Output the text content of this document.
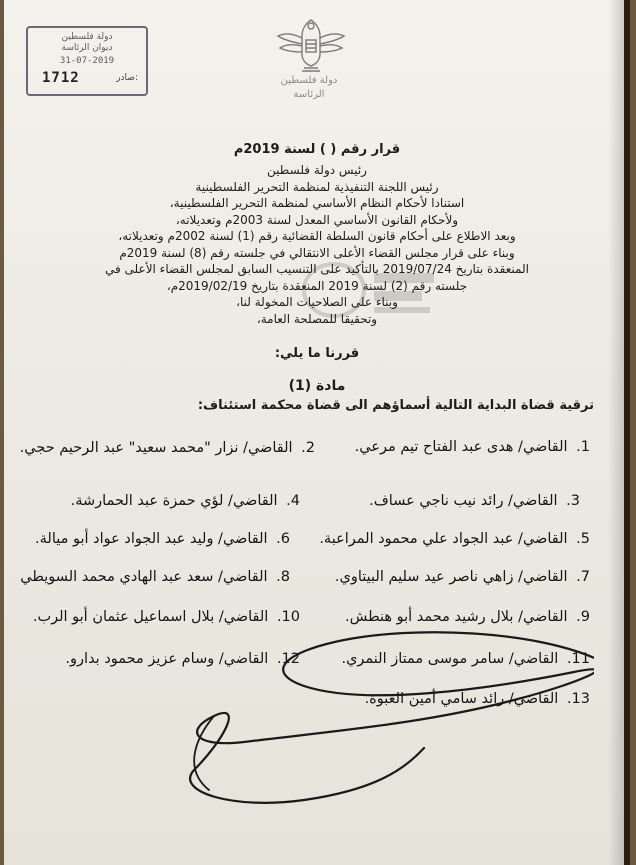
دولة فلسطين
ديوان الرئاسة
31-07-2019
1712	صادر:	دولة فلسطين
الرئاسة
قرار رقم ( ) لسنة 2019م
رئيس دولة فلسطين
رئيس اللجنة التنفيذية لمنظمة التحرير الفلسطينية
استنادا لأحكام النظام الأساسي لمنظمة التحرير الفلسطينية،
ولأحكام القانون الأساسي المعدل لسنة 2003م وتعديلاته،
وبعد الاطلاع على أحكام قانون السلطة القضائية رقم (1) لسنة 2002م وتعديلاته،
وبناء على قرار مجلس القضاء الأعلى الانتقالي في جلسته رقم (8) لسنة 2019م
المنعقدة بتاريخ 2019/07/24 بالتأكيد على التنسيب السابق لمجلس القضاء الأعلى في
جلسته رقم (2) لسنة 2019 المنعقدة بتاريخ 2019/02/19م،
وبناء على الصلاحيات المخولة لنا،
وتحقيقا للمصلحة العامة،
قررنا ما يلي:
مادة (1)
ترقية قضاة البداية التالية أسماؤهم الى قضاة محكمة استئناف:
1. القاضي/ هدى عبد الفتاح تيم مرعي.
2. القاضي/ نزار "محمد سعيد" عبد الرحيم حجي.
3. القاضي/ رائد نيب ناجي عساف.
4. القاضي/ لؤي حمزة عبد الحمارشة.
5. القاضي/ عبد الجواد علي محمود المراعبة.
6. القاضي/ وليد عبد الجواد عواد أبو ميالة.
7. القاضي/ زاهي ناصر عيد سليم البيتاوي.
8. القاضي/ سعد عبد الهادي محمد السويطي
9. القاضي/ بلال رشيد محمد أبو هنطش.
10. القاضي/ بلال اسماعيل عثمان أبو الرب.
11. القاضي/ سامر موسى ممتاز النمري.
12. القاضي/ وسام عزيز محمود بدارو.
13. القاضي/ رائد سامي أمين العبوة.
